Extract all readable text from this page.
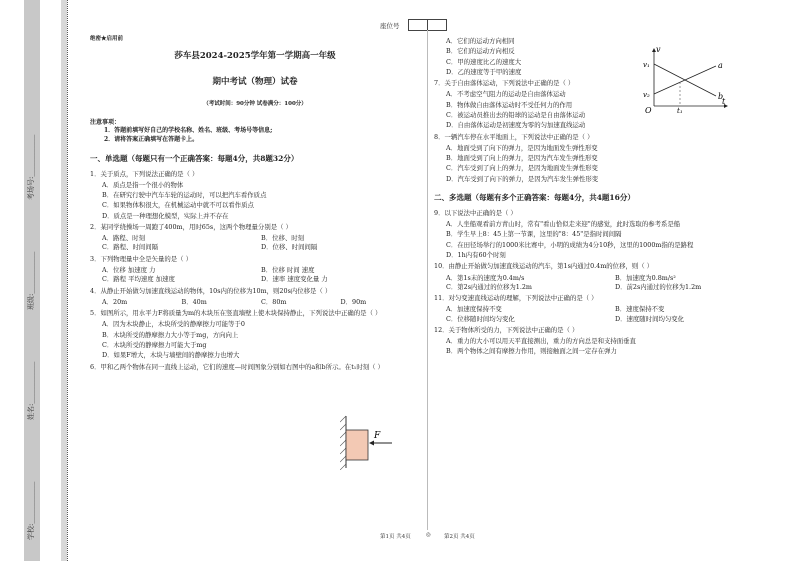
学校:____________
姓名:____________
班级:____________
考场号:____________
座位号
绝密★启用前
莎车县2024-2025学年第一学期高一年级
期中考试（物理）试卷
（考试时间：90分钟 试卷满分：100分）
注意事项：
1．答题前填写好自己的学校名称、姓名、班级、考场号等信息;
2．请将答案正确填写在答题卡上。
一、单选题（每题只有一个正确答案：每题4分，共8题32分）
1．关于质点，下列说法正确的是（ ）
A．质点是指一个很小的物体
B．在研究行驶中汽车车轮的运动时，可以把汽车看作质点
C．如果物体积很大，在机械运动中就不可以看作质点
D．质点是一种理想化模型，实际上并不存在
2．某同学绕操场一周跑了400m，用时65s，这两个物理量分别是（ ）
A．路程、时刻	B．位移、时刻
C．路程、时间间隔	D．位移、时间间隔
3．下列物理量中全是矢量的是（ ）
A．位移 加速度 力	B．位移 时间 速度
C．路程 平均速度 加速度	D．速率 速度变化量 力
4．从静止开始做匀加速直线运动的物体，10s内的位移为10m，则20s内位移是（ ）
A．20m	B．40m	C．80m	D．90m
5．如图所示，用水平力F将质量为m的木块压在竖直墙壁上使木块保持静止，下列说法中正确的是（ ）
A．因为木块静止，木块所受的静摩擦力可能等于0
B．木块所受的静摩擦力大小等于mg，方向向上
C．木块所受的静摩擦力可能大于mg
D．如果F增大，木块与墙壁间的静摩擦力也增大
6．甲和乙两个物体在同一直线上运动，它们的速度—时间图象分别如右图中的a和b所示。在t₁时刻（ ）
F
A．它们的运动方向相同
B．它们的运动方向相反
C．甲的速度比乙的速度大
D．乙的速度等于甲的速度
7．关于自由落体运动，下列说法中正确的是（ ）
A．不考虑空气阻力的运动是自由落体运动
B．物体做自由落体运动时不受任何力的作用
C．被运动员推出去的铅球的运动是自由落体运动
D．自由落体运动是初速度为零的匀加速直线运动
8．一辆汽车停在水平地面上，下列说法中正确的是（ ）
A．地面受到了向下的弹力，是因为地面发生弹性形变
B．地面受到了向上的弹力，是因为汽车发生弹性形变
C．汽车受到了向上的弹力，是因为地面发生弹性形变
D．汽车受到了向下的弹力，是因为汽车发生弹性形变
二、多选题（每题有多个正确答案：每题4分，共4题16分）
9．以下说法中正确的是（ ）
A．人坐船观看前方青山时，常有"看山恰似走来迎"的感觉，此时选取的参考系是船
B．学生早上8：45上第一节课，这里的"8：45"是指时间间隔
C．在田径场举行的1000米比赛中，小明的成绩为4分10秒，这里的1000m指的是路程
D．1h内有60个时刻
10．由静止开始做匀加速直线运动的汽车，第1s内通过0.4m的位移，则（ ）
A．第1s末的速度为0.4m/s	B．加速度为0.8m/s²
C．第2s内通过的位移为1.2m	D．前2s内通过的位移为1.2m
11．对匀变速直线运动的理解，下列说法中正确的是（ ）
A．加速度保持不变	B．速度保持不变
C．位移随时间均匀变化	D．速度随时间均匀变化
12．关于物体所受的力，下列说法中正确的是（ ）
A．重力的大小可以用天平直接测出，重力的方向总是和支持面垂直
B．两个物体之间有摩擦力作用，则接触面之间一定存在弹力
v
t
O
v₁
v₂
t₁
a
b
第1页 共4页	◎ 第2页 共4页
